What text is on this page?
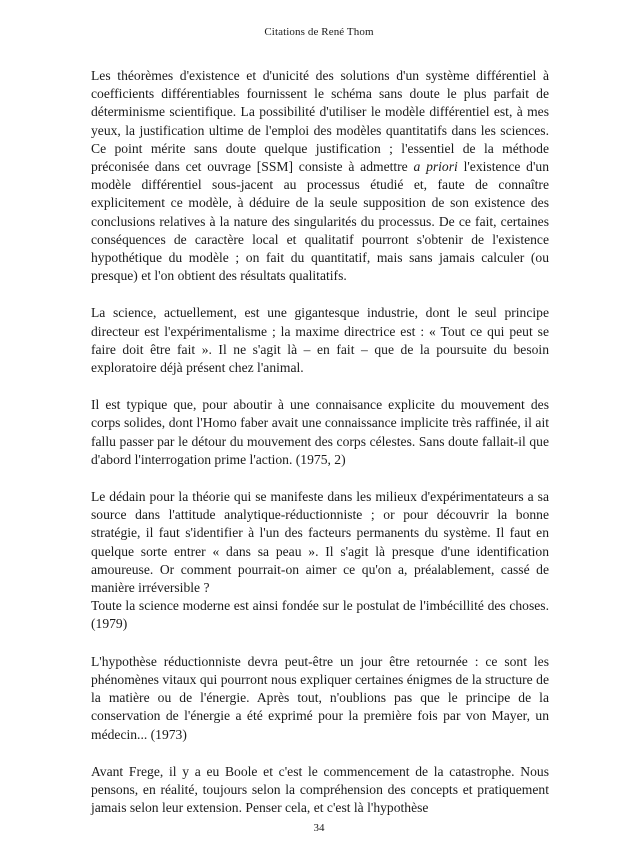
Citations de René Thom

Les théorèmes d'existence et d'unicité des solutions d'un système différentiel à coefficients différentiables fournissent le schéma sans doute le plus parfait de déterminisme scientifique. La possibilité d'utiliser le modèle différentiel est, à mes yeux, la justification ultime de l'emploi des modèles quantitatifs dans les sciences. Ce point mérite sans doute quelque justification ; l'essentiel de la méthode préconisée dans cet ouvrage [SSM] consiste à admettre a priori l'existence d'un modèle différentiel sous-jacent au processus étudié et, faute de connaître explicitement ce modèle, à déduire de la seule supposition de son existence des conclusions relatives à la nature des singularités du processus. De ce fait, certaines conséquences de caractère local et qualitatif pourront s'obtenir de l'existence hypothétique du modèle ; on fait du quantitatif, mais sans jamais calculer (ou presque) et l'on obtient des résultats qualitatifs.

La science, actuellement, est une gigantesque industrie, dont le seul principe directeur est l'expérimentalisme ; la maxime directrice est : « Tout ce qui peut se faire doit être fait ». Il ne s'agit là – en fait – que de la poursuite du besoin exploratoire déjà présent chez l'animal.

Il est typique que, pour aboutir à une connaisance explicite du mouvement des corps solides, dont l'Homo faber avait une connaissance implicite très raffinée, il ait fallu passer par le détour du mouvement des corps célestes. Sans doute fallait-il que d'abord l'interrogation prime l'action. (1975, 2)

Le dédain pour la théorie qui se manifeste dans les milieux d'expérimentateurs a sa source dans l'attitude analytique-réductionniste ; or pour découvrir la bonne stratégie, il faut s'identifier à l'un des facteurs permanents du système. Il faut en quelque sorte entrer « dans sa peau ». Il s'agit là presque d'une identification amoureuse. Or comment pourrait-on aimer ce qu'on a, préalablement, cassé de manière irréversible ?
Toute la science moderne est ainsi fondée sur le postulat de l'imbécillité des choses. (1979)

L'hypothèse réductionniste devra peut-être un jour être retournée : ce sont les phénomènes vitaux qui pourront nous expliquer certaines énigmes de la structure de la matière ou de l'énergie. Après tout, n'oublions pas que le principe de la conservation de l'énergie a été exprimé pour la première fois par von Mayer, un médecin... (1973)

Avant Frege, il y a eu Boole et c'est le commencement de la catastrophe. Nous pensons, en réalité, toujours selon la compréhension des concepts et pratiquement jamais selon leur extension. Penser cela, et c'est là l'hypothèse

34
